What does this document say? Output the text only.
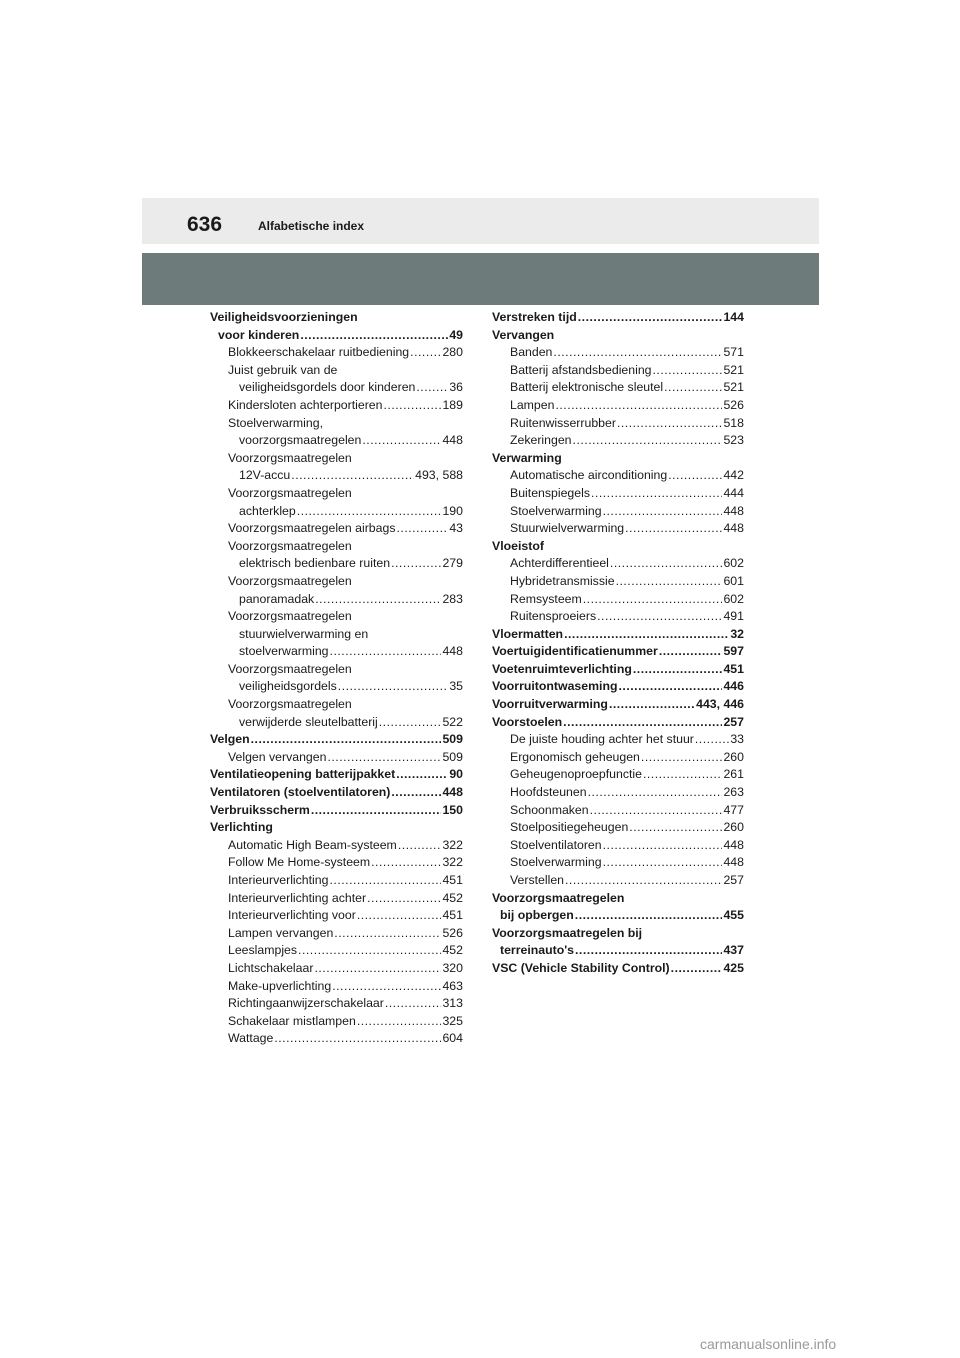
636	Alfabetische index
Veiligheidsvoorzieningen
voor kinderen .....	49
Blokkeerschakelaar ruitbediening .....	280
Juist gebruik van de
veiligheidsgordels door kinderen .....	36
Kindersloten achterportieren .....	189
Stoelverwarming,
voorzorgsmaatregelen .....	448
Voorzorgsmaatregelen
12V-accu .....	493, 588
Voorzorgsmaatregelen
achterklep .....	190
Voorzorgsmaatregelen airbags .....	43
Voorzorgsmaatregelen
elektrisch bedienbare ruiten .....	279
Voorzorgsmaatregelen
panoramadak .....	283
Voorzorgsmaatregelen
stuurwielverwarming en
stoelverwarming .....	448
Voorzorgsmaatregelen
veiligheidsgordels .....	35
Voorzorgsmaatregelen
verwijderde sleutelbatterij .....	522
Velgen .....	509
Velgen vervangen .....	509
Ventilatieopening batterijpakket .....	90
Ventilatoren (stoelventilatoren) .....	448
Verbruiksscherm .....	150
Verlichting
Automatic High Beam-systeem .....	322
Follow Me Home-systeem .....	322
Interieurverlichting .....	451
Interieurverlichting achter .....	452
Interieurverlichting voor .....	451
Lampen vervangen .....	526
Leeslampjes .....	452
Lichtschakelaar .....	320
Make-upverlichting .....	463
Richtingaanwijzerschakelaar .....	313
Schakelaar mistlampen .....	325
Wattage .....	604
Verstreken tijd .....	144
Vervangen
Banden .....	571
Batterij afstandsbediening .....	521
Batterij elektronische sleutel .....	521
Lampen .....	526
Ruitenwisserrubber .....	518
Zekeringen .....	523
Verwarming
Automatische airconditioning .....	442
Buitenspiegels .....	444
Stoelverwarming .....	448
Stuurwielverwarming .....	448
Vloeistof
Achterdifferentieel .....	602
Hybridetransmissie .....	601
Remsysteem .....	602
Ruitensproeiers .....	491
Vloermatten .....	32
Voertuigidentificatienummer .....	597
Voetenruimteverlichting .....	451
Voorruitontwaseming .....	446
Voorruitverwarming .....	443, 446
Voorstoelen .....	257
De juiste houding achter het stuur .....	33
Ergonomisch geheugen .....	260
Geheugenoproepfunctie .....	261
Hoofdsteunen .....	263
Schoonmaken .....	477
Stoelpositiegeheugen .....	260
Stoelventilatoren .....	448
Stoelverwarming .....	448
Verstellen .....	257
Voorzorgsmaatregelen
bij opbergen .....	455
Voorzorgsmaatregelen bij
terreinauto's .....	437
VSC (Vehicle Stability Control) .....	425
carmanualsonline.info
